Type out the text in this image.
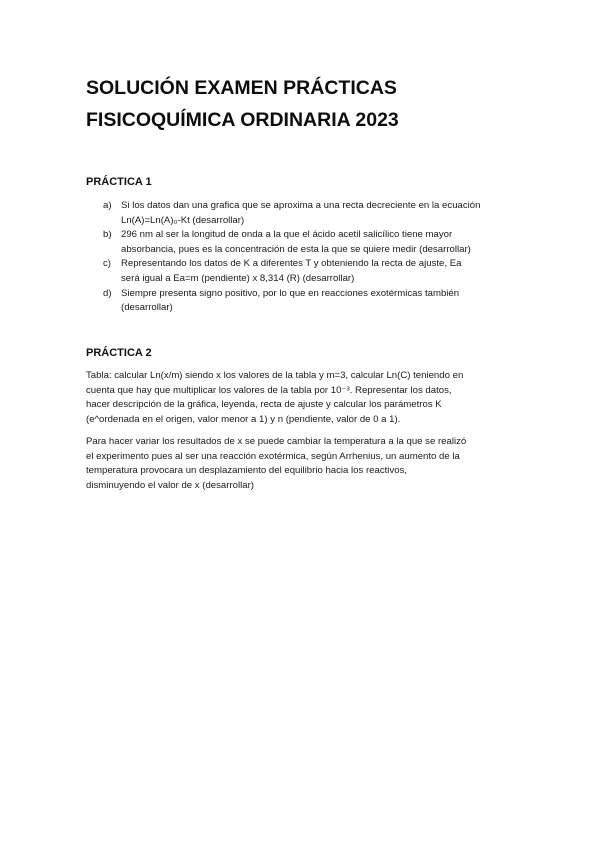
SOLUCIÓN EXAMEN PRÁCTICAS
FISICOQUÍMICA ORDINARIA 2023
PRÁCTICA 1
a) Si los datos dan una grafica que se aproxima a una recta decreciente en la ecuación
Ln(A)=Ln(A)₀-Kt (desarrollar)
b) 296 nm al ser la longitud de onda a la que el ácido acetil salicílico tiene mayor
absorbancia, pues es la concentración de esta la que se quiere medir (desarrollar)
c) Representando los datos de K a diferentes T y obteniendo la recta de ajuste, Ea
será igual a Ea=m (pendiente) x 8,314 (R) (desarrollar)
d) Siempre presenta signo positivo, por lo que en reacciones exotérmicas también
(desarrollar)
PRÁCTICA 2
Tabla: calcular Ln(x/m) siendo x los valores de la tabla y m=3, calcular Ln(C) teniendo en
cuenta que hay que multiplicar los valores de la tabla por 10⁻³. Representar los datos,
hacer descripción de la gráfica, leyenda, recta de ajuste y calcular los parámetros K
(e^ordenada en el origen, valor menor a 1) y n (pendiente, valor de 0 a 1).
Para hacer variar los resultados de x se puede cambiar la temperatura a la que se realizó
el experimento pues al ser una reacción exotérmica, según Arrhenius, un aumento de la
temperatura provocara un desplazamiento del equilibrio hacia los reactivos,
disminuyendo el valor de x (desarrollar)
